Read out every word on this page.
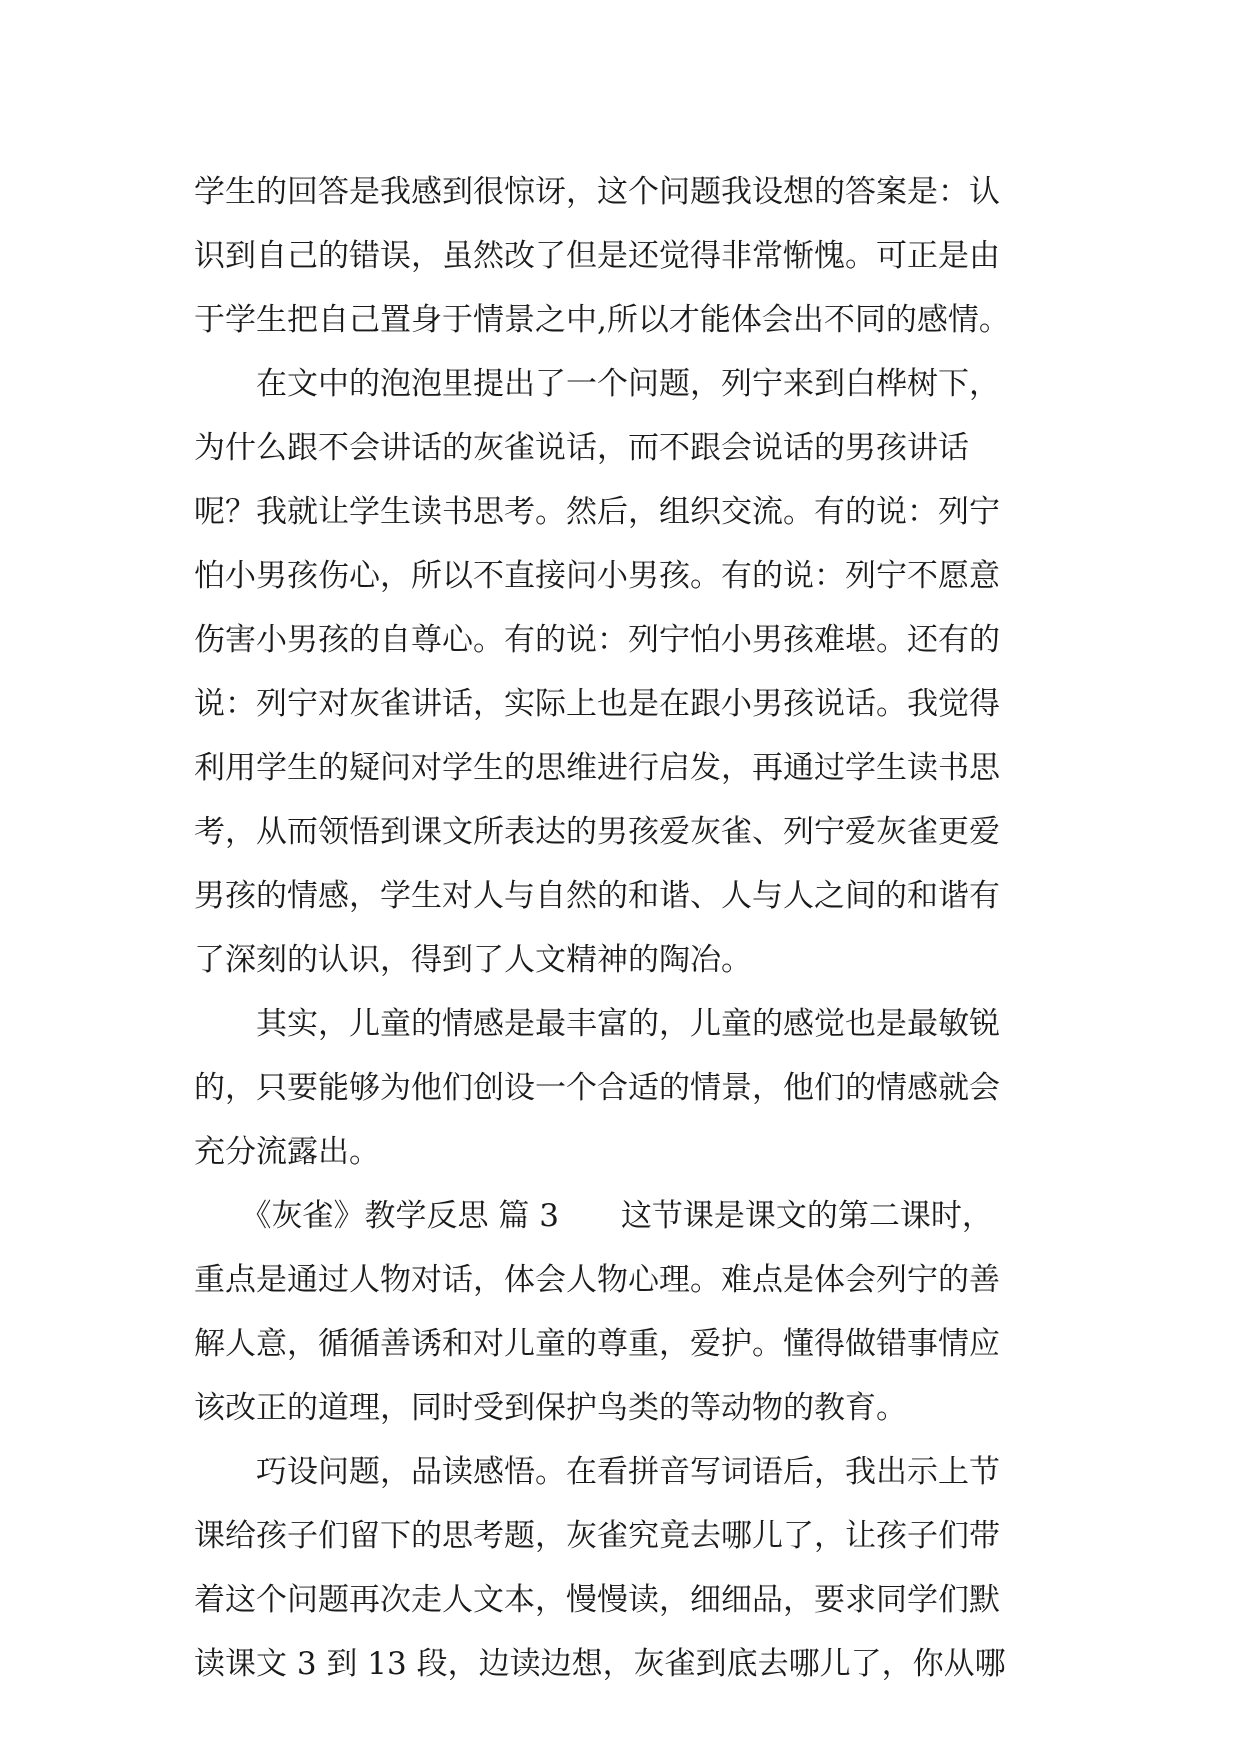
学生的回答是我感到很惊讶，这个问题我设想的答案是：认
识到自己的错误，虽然改了但是还觉得非常惭愧。可正是由
于学生把自己置身于情景之中,所以才能体会出不同的感情。
　　在文中的泡泡里提出了一个问题，列宁来到白桦树下，
为什么跟不会讲话的灰雀说话，而不跟会说话的男孩讲话
呢？我就让学生读书思考。然后，组织交流。有的说：列宁
怕小男孩伤心，所以不直接问小男孩。有的说：列宁不愿意
伤害小男孩的自尊心。有的说：列宁怕小男孩难堪。还有的
说：列宁对灰雀讲话，实际上也是在跟小男孩说话。我觉得
利用学生的疑问对学生的思维进行启发，再通过学生读书思
考，从而领悟到课文所表达的男孩爱灰雀、列宁爱灰雀更爱
男孩的情感，学生对人与自然的和谐、人与人之间的和谐有
了深刻的认识，得到了人文精神的陶冶。
　　其实，儿童的情感是最丰富的，儿童的感觉也是最敏锐
的，只要能够为他们创设一个合适的情景，他们的情感就会
充分流露出。
　　《灰雀》教学反思 篇 3　　这节课是课文的第二课时，
重点是通过人物对话，体会人物心理。难点是体会列宁的善
解人意，循循善诱和对儿童的尊重，爱护。懂得做错事情应
该改正的道理，同时受到保护鸟类的等动物的教育。
　　巧设问题，品读感悟。在看拼音写词语后，我出示上节
课给孩子们留下的思考题，灰雀究竟去哪儿了，让孩子们带
着这个问题再次走人文本，慢慢读，细细品，要求同学们默
读课文 3 到 13 段，边读边想，灰雀到底去哪儿了，你从哪
